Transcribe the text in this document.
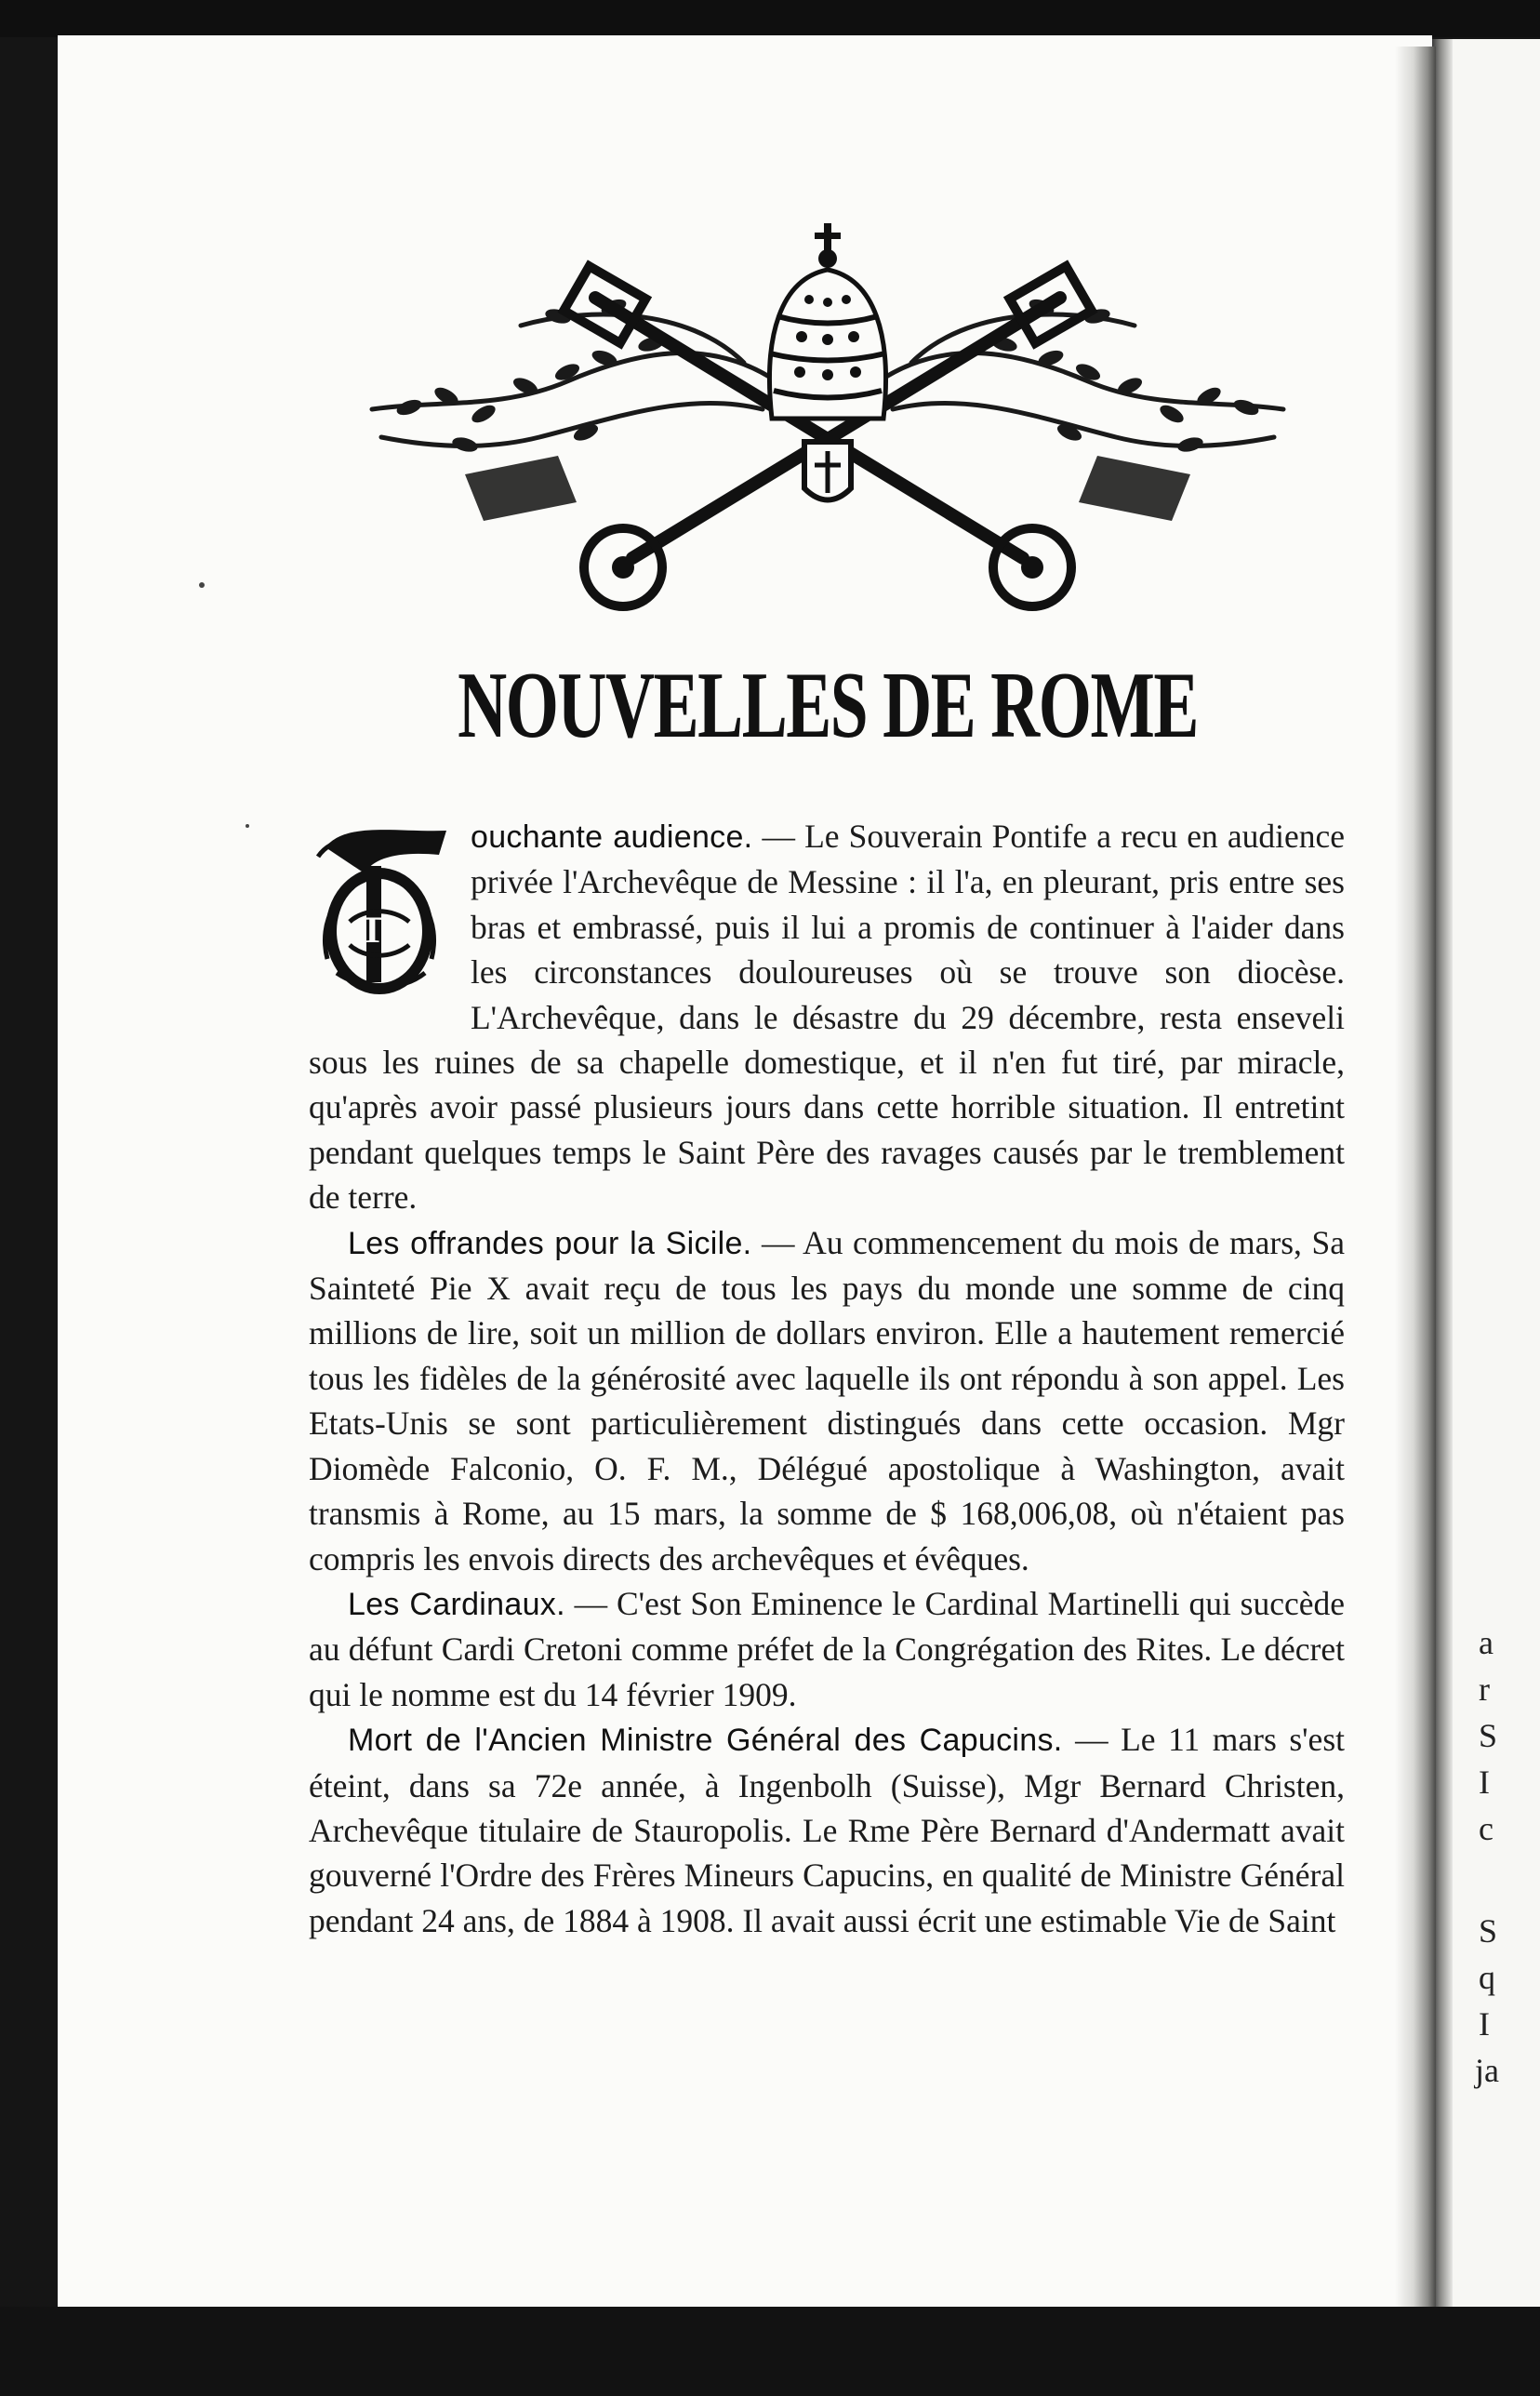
a
r
S
I
c
S
q
I
ja
NOUVELLES DE ROME

T
ouchante audience. — Le Souverain Pontife a recu en audience privée l'Archevêque de Messine : il l'a, en pleurant, pris entre ses bras et embrassé, puis il lui a promis de continuer à l'aider dans les circonstances douloureuses où se trouve son diocèse. L'Archevêque, dans le désastre du 29 décembre, resta enseveli sous les ruines de sa chapelle domestique, et il n'en fut tiré, par miracle, qu'après avoir passé plusieurs jours dans cette horrible situation. Il entretint pendant quelques temps le Saint Père des ravages causés par le tremblement de terre.

Les offrandes pour la Sicile. — Au commencement du mois de mars, Sa Sainteté Pie X avait reçu de tous les pays du monde une somme de cinq millions de lire, soit un million de dollars environ. Elle a hautement remercié tous les fidèles de la générosité avec laquelle ils ont répondu à son appel. Les Etats-Unis se sont particulièrement distingués dans cette occasion. Mgr Diomède Falconio, O. F. M., Délégué apostolique à Washington, avait transmis à Rome, au 15 mars, la somme de $ 168,006,08, où n'étaient pas compris les envois directs des archevêques et évêques.

Les Cardinaux. — C'est Son Eminence le Cardinal Martinelli qui succède au défunt Cardi Cretoni comme préfet de la Congrégation des Rites. Le décret qui le nomme est du 14 février 1909.

Mort de l'Ancien Ministre Général des Capucins. — Le 11 mars s'est éteint, dans sa 72e année, à Ingenbolh (Suisse), Mgr Bernard Christen, Archevêque titulaire de Stauropolis. Le Rme Père Bernard d'Andermatt avait gouverné l'Ordre des Frères Mineurs Capucins, en qualité de Ministre Général pendant 24 ans, de 1884 à 1908. Il avait aussi écrit une estimable Vie de Saint
